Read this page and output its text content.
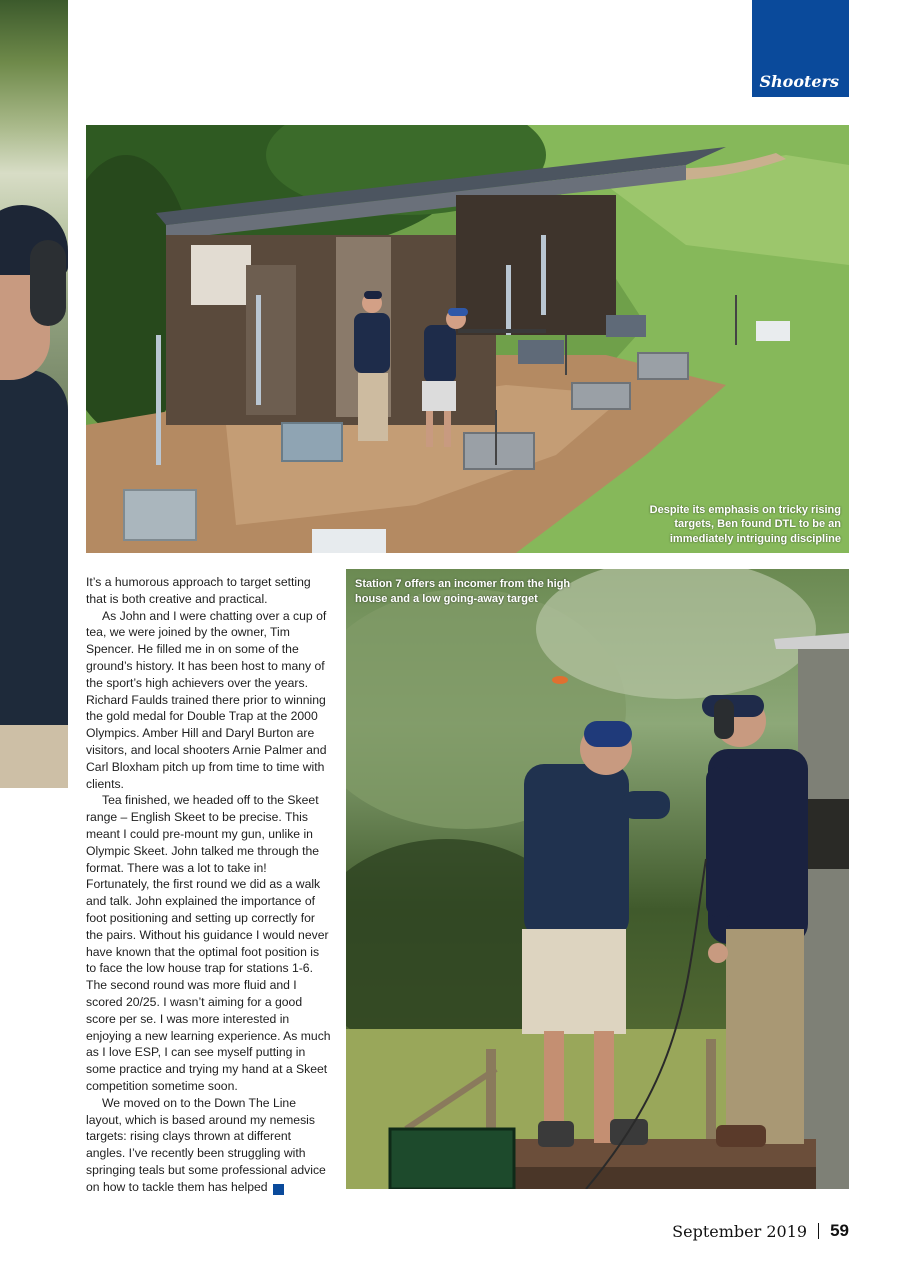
Shooters
Despite its emphasis on tricky rising targets, Ben found DTL to be an immediately intriguing discipline

It’s a humorous approach to target setting that is both creative and practical.

As John and I were chatting over a cup of tea, we were joined by the owner, Tim Spencer. He filled me in on some of the ground’s history. It has been host to many of the sport’s high achievers over the years. Richard Faulds trained there prior to winning the gold medal for Double Trap at the 2000 Olympics. Amber Hill and Daryl Burton are visitors, and local shooters Arnie Palmer and Carl Bloxham pitch up from time to time with clients.

Tea finished, we headed off to the Skeet range – English Skeet to be precise. This meant I could pre-mount my gun, unlike in Olympic Skeet. John talked me through the format. There was a lot to take in! Fortunately, the first round we did as a walk and talk. John explained the importance of foot positioning and setting up correctly for the pairs. Without his guidance I would never have known that the optimal foot position is to face the low house trap for stations 1-6. The second round was more fluid and I scored 20/25. I wasn’t aiming for a good score per se. I was more interested in enjoying a new learning experience. As much as I love ESP, I can see myself putting in some practice and trying my hand at a Skeet competition sometime soon.

We moved on to the Down The Line layout, which is based around my nemesis targets: rising clays thrown at different angles. I’ve recently been struggling with springing teals but some professional advice on how to tackle them has helped »

Station 7 offers an incomer from the high house and a low going-away target
September 2019 59
